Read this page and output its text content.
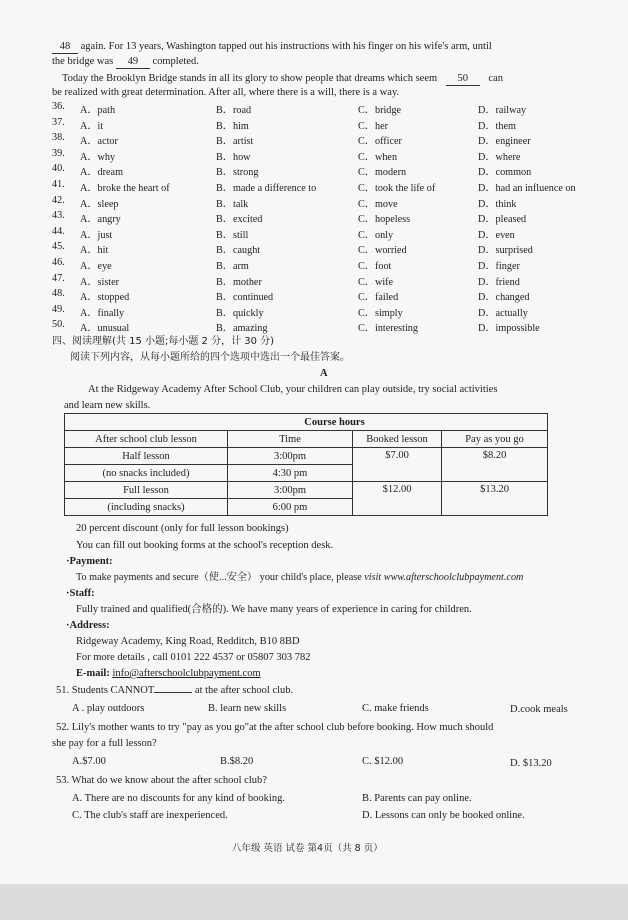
48 again. For 13 years, Washington tapped out his instructions with his finger on his wife's arm, until
the bridge was 49 completed.
Today the Brooklyn Bridge stands in all its glory to show people that dreams which seem 50 can
be realized with great determination. After all, where there is a will, there is a way.
36. A．path	B．road	C．bridge	D．railway
37. A．it	B．him	C．her	D．them
38. A．actor	B．artist	C．officer	D．engineer
39. A．why	B．how	C．when	D．where
40. A．dream	B．strong	C．modern	D．common
41. A．broke the heart of	B．made a difference to	C．took the life of	D．had an influence on
42. A．sleep	B．talk	C．move	D．think
43. A．angry	B．excited	C．hopeless	D．pleased
44. A．just	B．still	C．only	D．even
45. A．hit	B．caught	C．worried	D．surprised
46. A．eye	B．arm	C．foot	D．finger
47. A．sister	B．mother	C．wife	D．friend
48. A．stopped	B．continued	C．failed	D．changed
49. A．finally	B．quickly	C．simply	D．actually
50. A．unusual	B．amazing	C．interesting	D．impossible
四、阅读理解(共 15 小题;每小题 2 分，计 30 分)
阅读下列内容，从每小题所给的四个选项中选出一个最佳答案。
A
At the Ridgeway Academy After School Club, your children can play outside, try social activities
and learn new skills.
	Course hours		
After school club lesson	Time	Booked lesson	Pay as you go
Half lesson	3:00pm	$7.00	$8.20
(no snacks included)	4:30 pm		
Full lesson	3:00pm	$12.00	$13.20
(including snacks)	6:00 pm		
20 percent discount (only for full lesson bookings)
You can fill out booking forms at the school's reception desk.
·Payment:
To make payments and secure（使...安全） your child's place, please visit www.afterschoolclubpayment.com
·Staff:
Fully trained and qualified(合格的). We have many years of experience in caring for children.
·Address:
Ridgeway Academy, King Road, Redditch, B10 8BD
For more details , call 0101 222 4537 or 05807 303 782
E-mail: info@afterschoolclubpayment.com
51. Students CANNOT	at the after school club.
A . play outdoors	B. learn new skills	C. make friends	D.cook meals
52. Lily's mother wants to try "pay as you go"at the after school club before booking. How much should
she pay for a full lesson?
A.$7.00	B.$8.20	C. $12.00	D. $13.20
53. What do we know about the after school club?
A. There are no discounts for any kind of booking.	B. Parents can pay online.
C. The club's staff are inexperienced.	D. Lessons can only be booked online.
八年级 英语 试卷 第4页（共 8 页）
